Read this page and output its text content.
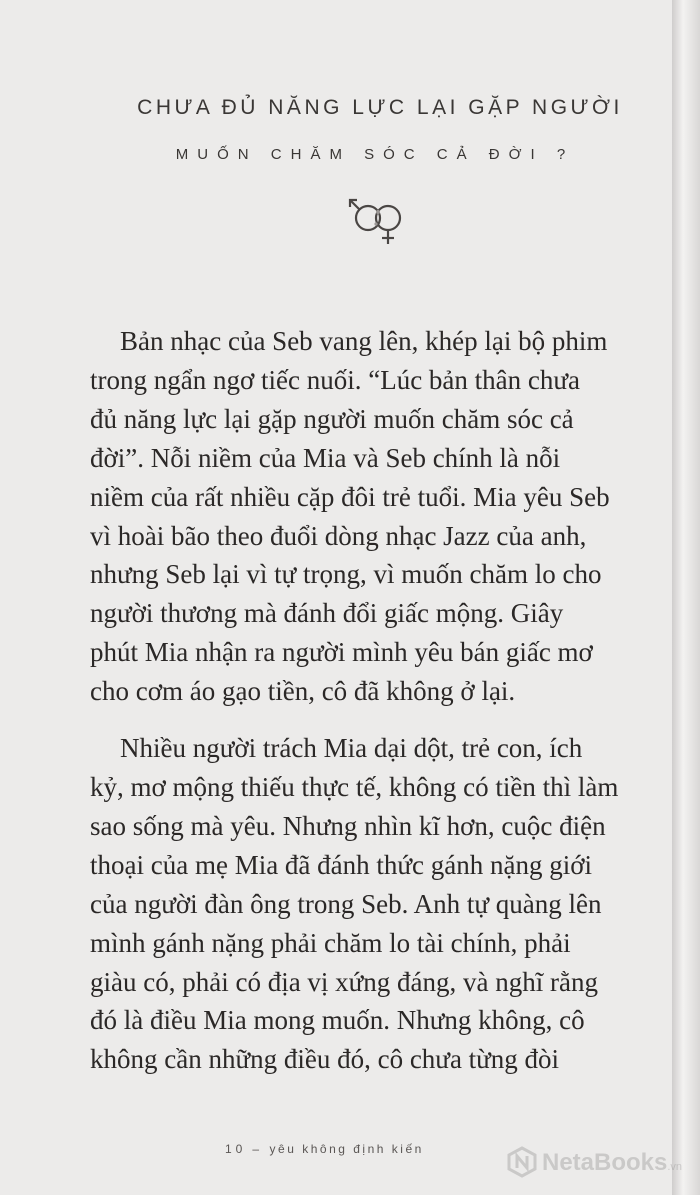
CHƯA ĐỦ NĂNG LỰC LẠI GẶP NGƯỜI
MUỐN CHĂM SÓC CẢ ĐỜI ?
Bản nhạc của Seb vang lên, khép lại bộ phim
trong ngẩn ngơ tiếc nuối. “Lúc bản thân chưa
đủ năng lực lại gặp người muốn chăm sóc cả
đời”. Nỗi niềm của Mia và Seb chính là nỗi
niềm của rất nhiều cặp đôi trẻ tuổi. Mia yêu Seb
vì hoài bão theo đuổi dòng nhạc Jazz của anh,
nhưng Seb lại vì tự trọng, vì muốn chăm lo cho
người thương mà đánh đổi giấc mộng. Giây
phút Mia nhận ra người mình yêu bán giấc mơ
cho cơm áo gạo tiền, cô đã không ở lại.
Nhiều người trách Mia dại dột, trẻ con, ích
kỷ, mơ mộng thiếu thực tế, không có tiền thì làm
sao sống mà yêu. Nhưng nhìn kĩ hơn, cuộc điện
thoại của mẹ Mia đã đánh thức gánh nặng giới
của người đàn ông trong Seb. Anh tự quàng lên
mình gánh nặng phải chăm lo tài chính, phải
giàu có, phải có địa vị xứng đáng, và nghĩ rằng
đó là điều Mia mong muốn. Nhưng không, cô
không cần những điều đó, cô chưa từng đòi
10 – yêu không định kiến	NetaBooks.vn
